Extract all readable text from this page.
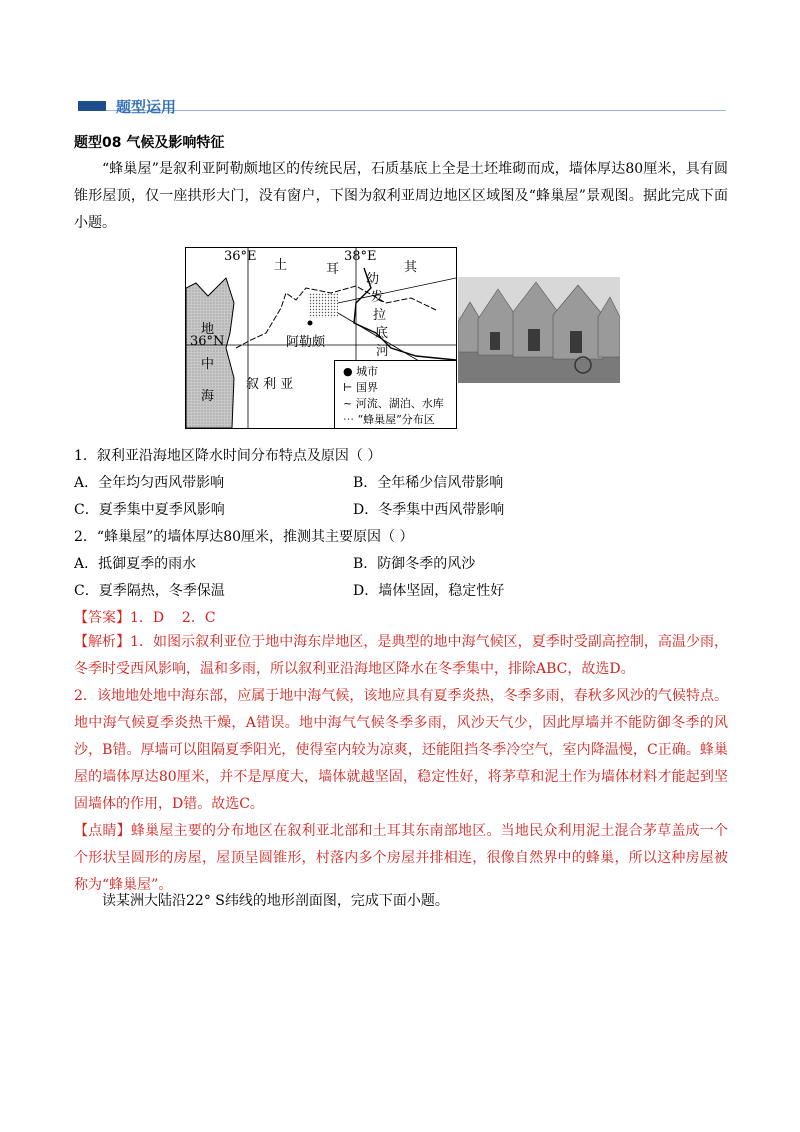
题型运用
题型08 气候及影响特征
“蜂巢屋”是叙利亚阿勒颇地区的传统民居，石质基底上全是土坯堆砌而成，墙体厚达80厘米，具有圆锥形屋顶，仅一座拱形大门，没有窗户，下图为叙利亚周边地区区域图及“蜂巢屋”景观图。据此完成下面小题。
36°E	38°E
36°N
土	耳	其
地
中
海
叙 利 亚
阿勒颇
幼
发
拉
底
河
● 城市
⊢ 国界
~ 河流、湖泊、水库
⋯ “蜂巢屋”分布区
1．叙利亚沿海地区降水时间分布特点及原因（ ）
A．全年均匀西风带影响	B．全年稀少信风带影响
C．夏季集中夏季风影响	D．冬季集中西风带影响
2．“蜂巢屋”的墙体厚达80厘米，推测其主要原因（ ）
A．抵御夏季的雨水	B．防御冬季的风沙
C．夏季隔热，冬季保温	D．墙体坚固，稳定性好
【答案】1．D    2．C
【解析】1．如图示叙利亚位于地中海东岸地区，是典型的地中海气候区，夏季时受副高控制，高温少雨，冬季时受西风影响，温和多雨，所以叙利亚沿海地区降水在冬季集中，排除ABC，故选D。
2．该地地处地中海东部，应属于地中海气候，该地应具有夏季炎热，冬季多雨，春秋多风沙的气候特点。地中海气候夏季炎热干燥，A错误。地中海气气候冬季多雨，风沙天气少，因此厚墙并不能防御冬季的风沙，B错。厚墙可以阻隔夏季阳光，使得室内较为凉爽，还能阻挡冬季冷空气，室内降温慢，C正确。蜂巢屋的墙体厚达80厘米，并不是厚度大，墙体就越坚固，稳定性好，将茅草和泥土作为墙体材料才能起到坚固墙体的作用，D错。故选C。
【点睛】蜂巢屋主要的分布地区在叙利亚北部和土耳其东南部地区。当地民众利用泥土混合茅草盖成一个个形状呈圆形的房屋，屋顶呈圆锥形，村落内多个房屋并排相连，很像自然界中的蜂巢，所以这种房屋被称为“蜂巢屋”。
读某洲大陆沿22° S纬线的地形剖面图，完成下面小题。
